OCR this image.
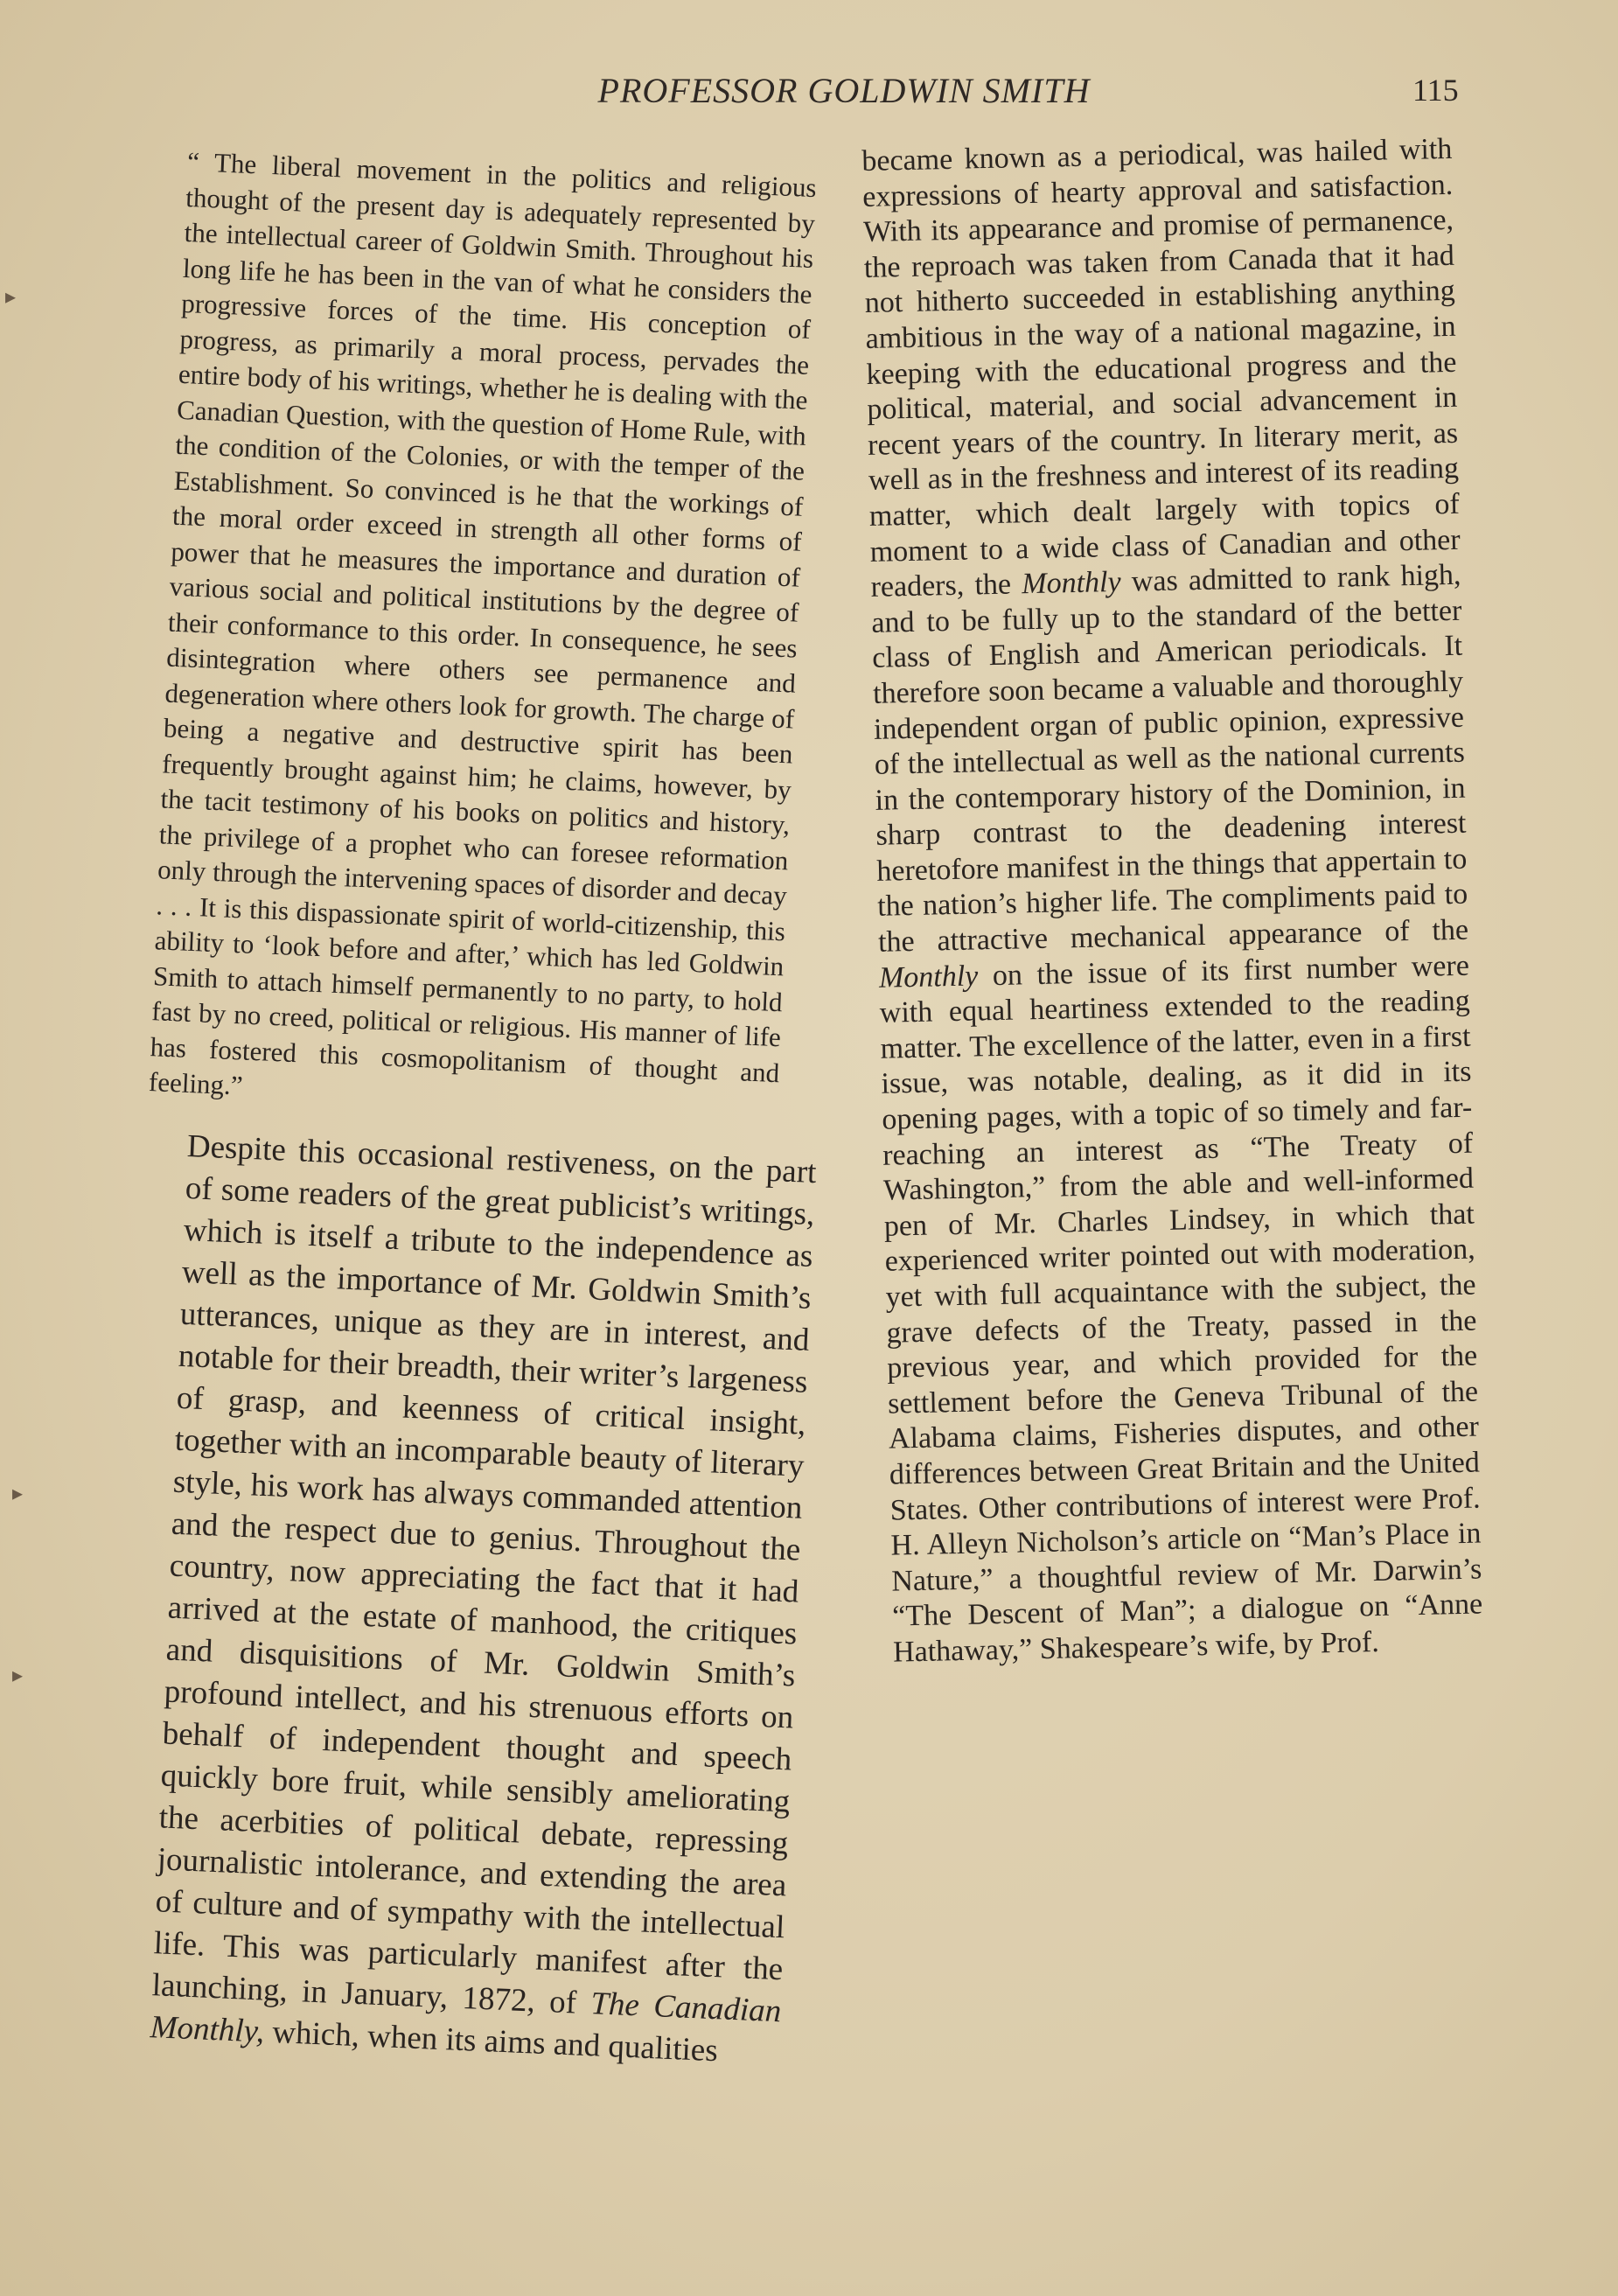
PROFESSOR GOLDWIN SMITH	115

“ The liberal movement in the politics and religious thought of the present day is adequately represented by the intellectual career of Goldwin Smith. Throughout his long life he has been in the van of what he considers the progressive forces of the time. His conception of progress, as primarily a moral process, pervades the entire body of his writings, whether he is dealing with the Canadian Question, with the question of Home Rule, with the condition of the Colonies, or with the temper of the Establishment. So convinced is he that the workings of the moral order exceed in strength all other forms of power that he measures the importance and duration of various social and political institutions by the degree of their conformance to this order. In consequence, he sees disintegration where others see permanence and degeneration where others look for growth. The charge of being a negative and destructive spirit has been frequently brought against him; he claims, however, by the tacit testimony of his books on politics and history, the privilege of a prophet who can foresee reformation only through the intervening spaces of disorder and decay . . . It is this dispassionate spirit of world-citizenship, this ability to ‘look before and after,’ which has led Goldwin Smith to attach himself permanently to no party, to hold fast by no creed, political or religious. His manner of life has fostered this cosmopolitanism of thought and feeling.”

Despite this occasional restiveness, on the part of some readers of the great publicist’s writings, which is itself a tribute to the independence as well as the importance of Mr. Goldwin Smith’s utterances, unique as they are in interest, and notable for their breadth, their writer’s largeness of grasp, and keenness of critical insight, together with an incomparable beauty of literary style, his work has always commanded attention and the respect due to genius. Throughout the country, now appreciating the fact that it had arrived at the estate of manhood, the critiques and disquisitions of Mr. Goldwin Smith’s profound intellect, and his strenuous efforts on behalf of independent thought and speech quickly bore fruit, while sensibly ameliorating the acerbities of political debate, repressing journalistic intolerance, and extending the area of culture and of sympathy with the intellectual life. This was particularly manifest after the launching, in January, 1872, of The Canadian Monthly, which, when its aims and qualities

became known as a periodical, was hailed with expressions of hearty approval and satisfaction. With its appearance and promise of permanence, the reproach was taken from Canada that it had not hitherto succeeded in establishing anything ambitious in the way of a national magazine, in keeping with the educational progress and the political, material, and social advancement in recent years of the country. In literary merit, as well as in the freshness and interest of its reading matter, which dealt largely with topics of moment to a wide class of Canadian and other readers, the Monthly was admitted to rank high, and to be fully up to the standard of the better class of English and American periodicals. It therefore soon became a valuable and thoroughly independent organ of public opinion, expressive of the intellectual as well as the national currents in the contemporary history of the Dominion, in sharp contrast to the deadening interest heretofore manifest in the things that appertain to the nation’s higher life. The compliments paid to the attractive mechanical appearance of the Monthly on the issue of its first number were with equal heartiness extended to the reading matter. The excellence of the latter, even in a first issue, was notable, dealing, as it did in its opening pages, with a topic of so timely and far-reaching an interest as “The Treaty of Washington,” from the able and well-informed pen of Mr. Charles Lindsey, in which that experienced writer pointed out with moderation, yet with full acquaintance with the subject, the grave defects of the Treaty, passed in the previous year, and which provided for the settlement before the Geneva Tribunal of the Alabama claims, Fisheries disputes, and other differences between Great Britain and the United States. Other contributions of interest were Prof. H. Alleyn Nicholson’s article on “Man’s Place in Nature,” a thoughtful review of Mr. Darwin’s “The Descent of Man”; a dialogue on “Anne Hathaway,” Shakespeare’s wife, by Prof.

▸
▸
▸
